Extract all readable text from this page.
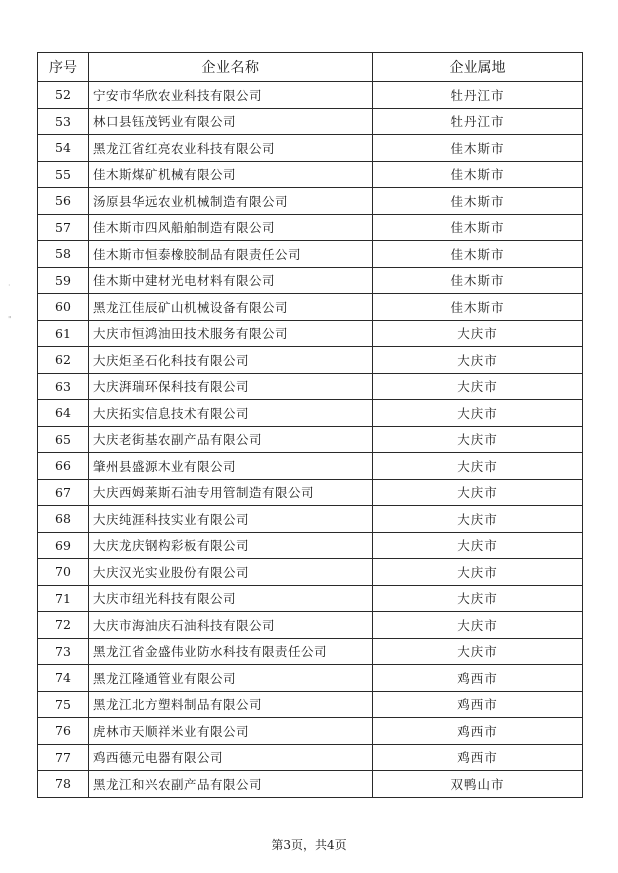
序号	企业名称	企业属地
52	宁安市华欣农业科技有限公司	牡丹江市
53	林口县钰茂钙业有限公司	牡丹江市
54	黑龙江省红亮农业科技有限公司	佳木斯市
55	佳木斯煤矿机械有限公司	佳木斯市
56	汤原县华远农业机械制造有限公司	佳木斯市
57	佳木斯市四风船舶制造有限公司	佳木斯市
58	佳木斯市恒泰橡胶制品有限责任公司	佳木斯市
59	佳木斯中建材光电材料有限公司	佳木斯市
60	黑龙江佳辰矿山机械设备有限公司	佳木斯市
61	大庆市恒鸿油田技术服务有限公司	大庆市
62	大庆炬圣石化科技有限公司	大庆市
63	大庆湃瑞环保科技有限公司	大庆市
64	大庆拓实信息技术有限公司	大庆市
65	大庆老街基农副产品有限公司	大庆市
66	肇州县盛源木业有限公司	大庆市
67	大庆西姆莱斯石油专用管制造有限公司	大庆市
68	大庆纯涯科技实业有限公司	大庆市
69	大庆龙庆钢构彩板有限公司	大庆市
70	大庆汉光实业股份有限公司	大庆市
71	大庆市纽光科技有限公司	大庆市
72	大庆市海油庆石油科技有限公司	大庆市
73	黑龙江省金盛伟业防水科技有限责任公司	大庆市
74	黑龙江隆通管业有限公司	鸡西市
75	黑龙江北方塑料制品有限公司	鸡西市
76	虎林市天顺祥米业有限公司	鸡西市
77	鸡西德元电器有限公司	鸡西市
78	黑龙江和兴农副产品有限公司	双鸭山市
·
"
第3页，共4页
